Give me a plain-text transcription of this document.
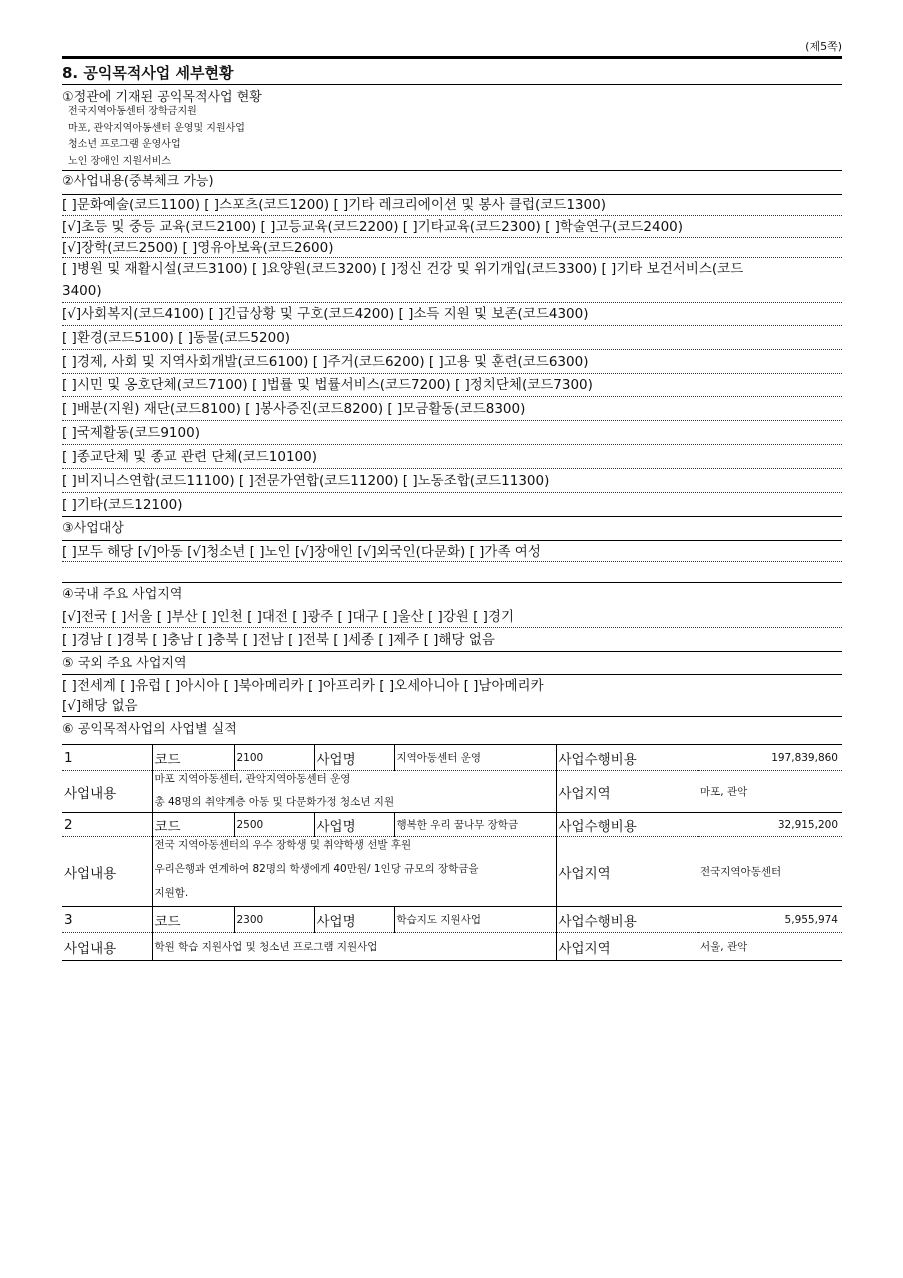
(제5쪽)
8. 공익목적사업 세부현황
①정관에 기재된 공익목적사업 현황
전국지역아동센터 장학금지원
마포, 관악지역아동센터 운영및 지원사업
청소년 프로그램 운영사업
노인 장애인 지원서비스
②사업내용(중복체크 가능)
[ ]문화예술(코드1100) [ ]스포츠(코드1200) [ ]기타 레크리에이션 및 봉사 클럽(코드1300)
[√]초등 및 중등 교육(코드2100) [ ]고등교육(코드2200) [ ]기타교육(코드2300) [ ]학술연구(코드2400)
[√]장학(코드2500) [ ]영유아보육(코드2600)
[ ]병원 및 재활시설(코드3100) [ ]요양원(코드3200) [ ]정신 건강 및 위기개입(코드3300) [ ]기타 보건서비스(코드
3400)
[√]사회복지(코드4100) [ ]긴급상황 및 구호(코드4200) [ ]소득 지원 및 보존(코드4300)
[ ]환경(코드5100) [ ]동물(코드5200)
[ ]경제, 사회 및 지역사회개발(코드6100) [ ]주거(코드6200) [ ]고용 및 훈련(코드6300)
[ ]시민 및 옹호단체(코드7100) [ ]법률 및 법률서비스(코드7200) [ ]정치단체(코드7300)
[ ]배분(지원) 재단(코드8100) [ ]봉사증진(코드8200) [ ]모금활동(코드8300)
[ ]국제활동(코드9100)
[ ]종교단체 및 종교 관련 단체(코드10100)
[ ]비지니스연합(코드11100) [ ]전문가연합(코드11200) [ ]노동조합(코드11300)
[ ]기타(코드12100)
③사업대상
[ ]모두 해당 [√]아동 [√]청소년 [ ]노인 [√]장애인 [√]외국인(다문화) [ ]가족 여성
④국내 주요 사업지역
[√]전국 [ ]서울 [ ]부산 [ ]인천 [ ]대전 [ ]광주 [ ]대구 [ ]울산 [ ]강원 [ ]경기
[ ]경남 [ ]경북 [ ]충남 [ ]충북 [ ]전남 [ ]전북 [ ]세종 [ ]제주 [ ]해당 없음
⑤ 국외 주요 사업지역
[ ]전세계 [ ]유럽 [ ]아시아 [ ]북아메리카 [ ]아프리카 [ ]오세아니아 [ ]남아메리카
[√]해당 없음
⑥ 공익목적사업의 사업별 실적
1	코드	2100	사업명	지역아동센터 운영	사업수행비용	197,839,860
사업내용	마포 지역아동센터, 관악지역아동센터 운영
총 48명의 취약계층 아동 및 다문화가정 청소년 지원				사업지역	마포, 관악
2	코드	2500	사업명	행복한 우리 꿈나무 장학금	사업수행비용	32,915,200
사업내용	전국 지역아동센터의 우수 장학생 및 취약학생 선발 후원
우리은행과 연계하여 82명의 학생에게 40만원/ 1인당 규모의 장학금을
지원함.				사업지역	전국지역아동센터
3	코드	2300	사업명	학습지도 지원사업	사업수행비용	5,955,974
사업내용	학원 학습 지원사업 및 청소년 프로그램 지원사업				사업지역	서울, 관악
